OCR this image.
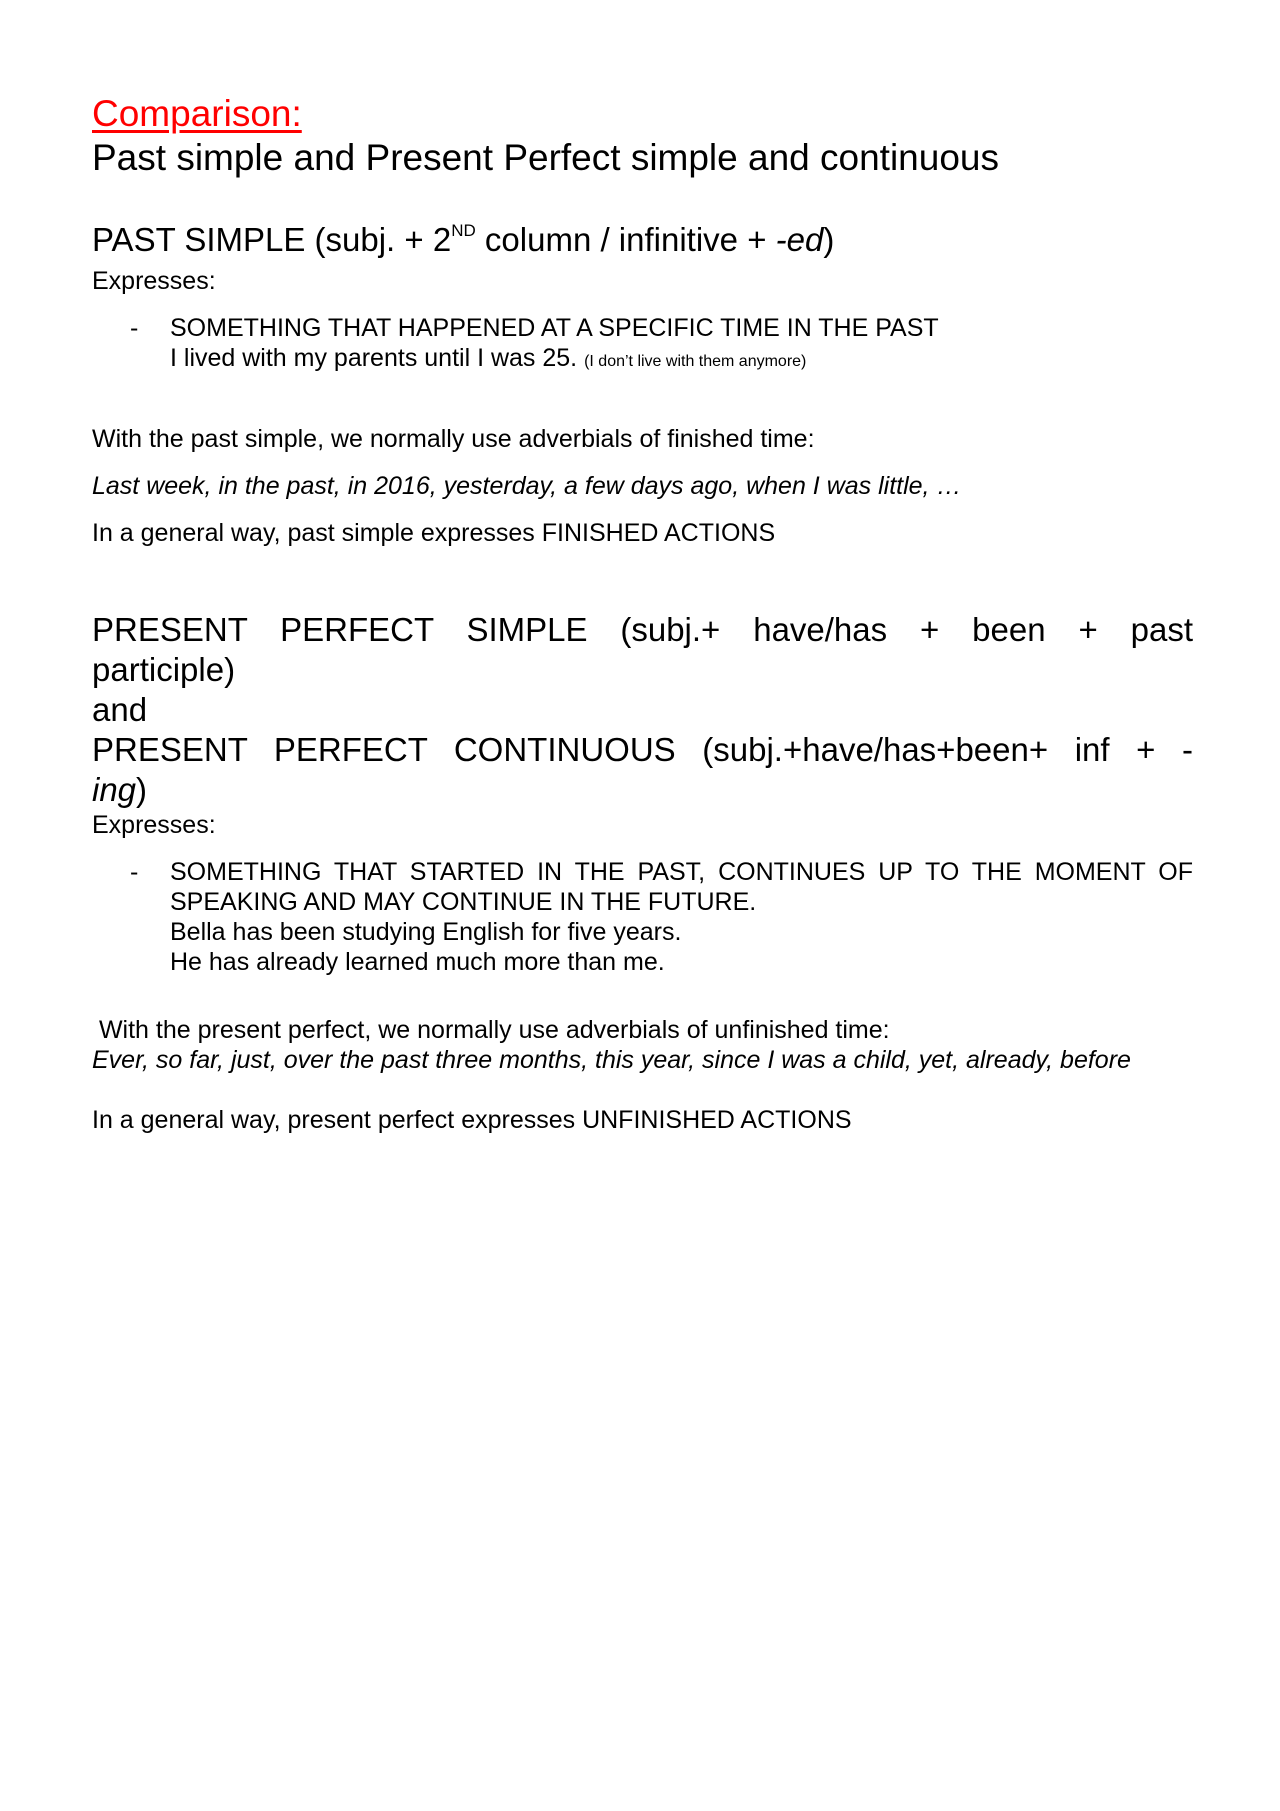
Comparison:

Past simple and Present Perfect simple and continuous

PAST SIMPLE (subj. + 2ND column / infinitive + -ed)

Expresses:

- SOMETHING THAT HAPPENED AT A SPECIFIC TIME IN THE PAST

I lived with my parents until I was 25. (I don’t live with them anymore)

With the past simple, we normally use adverbials of finished time:

Last week, in the past, in 2016, yesterday, a few days ago, when I was little, …

In a general way, past simple expresses FINISHED ACTIONS

PRESENT PERFECT SIMPLE (subj.+ have/has + been + past

participle)

and

PRESENT PERFECT CONTINUOUS (subj.+have/has+been+ inf + -

ing)

Expresses:

- SOMETHING THAT STARTED IN THE PAST, CONTINUES UP TO THE MOMENT OF SPEAKING AND MAY CONTINUE IN THE FUTURE.

Bella has been studying English for five years.

He has already learned much more than me.

With the present perfect, we normally use adverbials of unfinished time:

Ever, so far, just, over the past three months, this year, since I was a child, yet, already, before

In a general way, present perfect expresses UNFINISHED ACTIONS
